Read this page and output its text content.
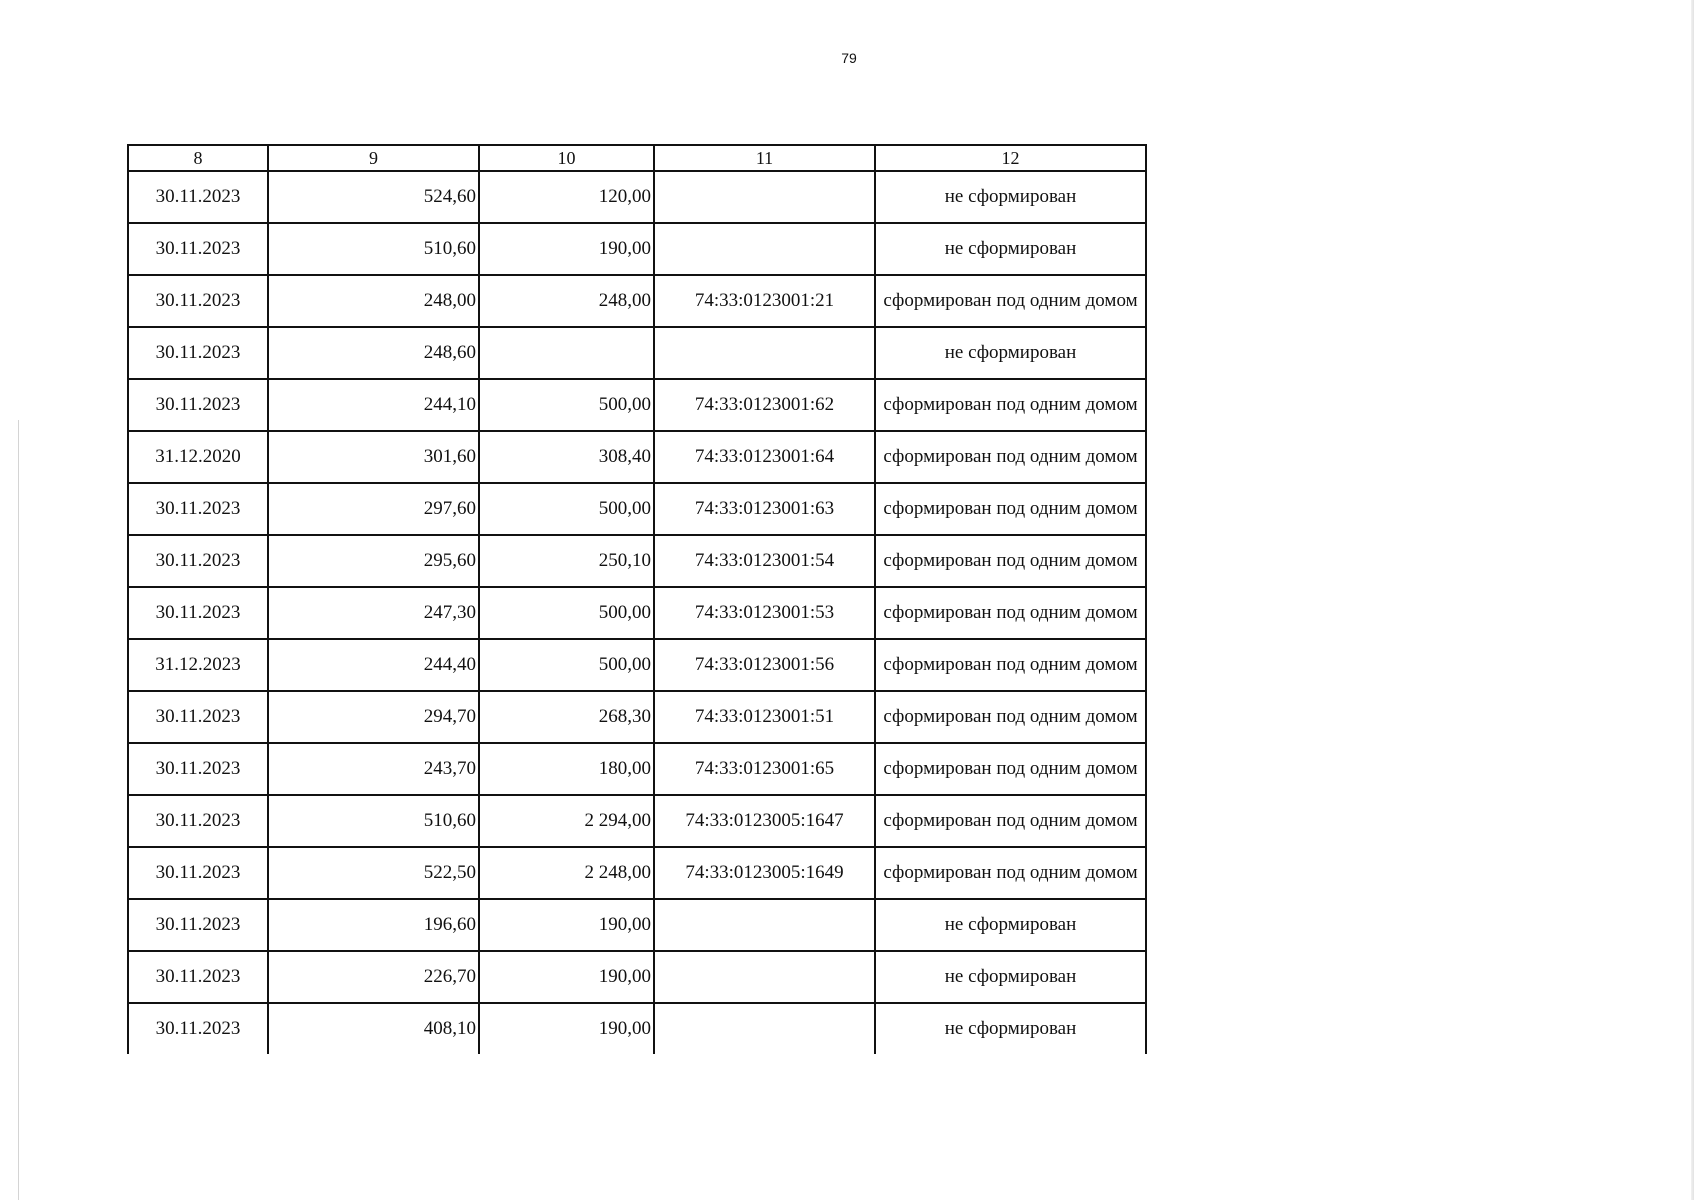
79
8	9	10	11	12
30.11.2023	524,60	120,00		не сформирован
30.11.2023	510,60	190,00		не сформирован
30.11.2023	248,00	248,00	74:33:0123001:21	сформирован под одним домом
30.11.2023	248,60			не сформирован
30.11.2023	244,10	500,00	74:33:0123001:62	сформирован под одним домом
31.12.2020	301,60	308,40	74:33:0123001:64	сформирован под одним домом
30.11.2023	297,60	500,00	74:33:0123001:63	сформирован под одним домом
30.11.2023	295,60	250,10	74:33:0123001:54	сформирован под одним домом
30.11.2023	247,30	500,00	74:33:0123001:53	сформирован под одним домом
31.12.2023	244,40	500,00	74:33:0123001:56	сформирован под одним домом
30.11.2023	294,70	268,30	74:33:0123001:51	сформирован под одним домом
30.11.2023	243,70	180,00	74:33:0123001:65	сформирован под одним домом
30.11.2023	510,60	2 294,00	74:33:0123005:1647	сформирован под одним домом
30.11.2023	522,50	2 248,00	74:33:0123005:1649	сформирован под одним домом
30.11.2023	196,60	190,00		не сформирован
30.11.2023	226,70	190,00		не сформирован
30.11.2023	408,10	190,00		не сформирован
